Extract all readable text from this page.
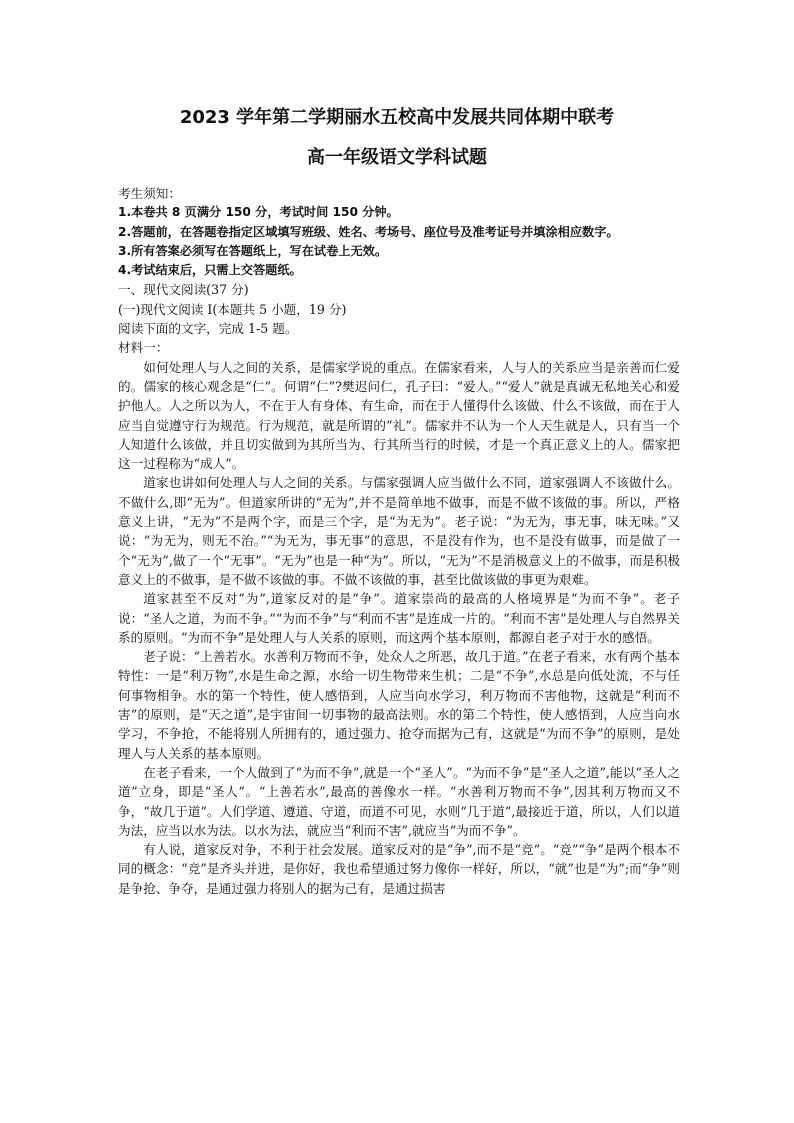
2023 学年第二学期丽水五校高中发展共同体期中联考
高一年级语文学科试题

考生须知：

1.本卷共 8 页满分 150 分，考试时间 150 分钟。

2.答题前，在答题卷指定区域填写班级、姓名、考场号、座位号及准考证号并填涂相应数字。

3.所有答案必须写在答题纸上，写在试卷上无效。

4.考试结束后，只需上交答题纸。

一、现代文阅读(37 分)

(一)现代文阅读 I(本题共 5 小题，19 分)

阅读下面的文字，完成 1-5 题。

材料一：

如何处理人与人之间的关系，是儒家学说的重点。在儒家看来，人与人的关系应当是亲善而仁爱的。儒家的核心观念是“仁”。何谓“仁”?樊迟问仁，孔子曰：“爱人。”“爱人”就是真诚无私地关心和爱护他人。人之所以为人，不在于人有身体、有生命，而在于人懂得什么该做、什么不该做，而在于人应当自觉遵守行为规范。行为规范，就是所谓的“礼”。儒家并不认为一个人天生就是人，只有当一个人知道什么该做，并且切实做到为其所当为、行其所当行的时候，才是一个真正意义上的人。儒家把这一过程称为“成人”。

道家也讲如何处理人与人之间的关系。与儒家强调人应当做什么不同，道家强调人不该做什么。不做什么,即“无为”。但道家所讲的“无为”,并不是简单地不做事，而是不做不该做的事。所以，严格意义上讲，“无为”不是两个字，而是三个字，是“为无为”。老子说：“为无为，事无事，味无味。”又说：“为无为，则无不治。”“为无为，事无事”的意思，不是没有作为，也不是没有做事，而是做了一个“无为”,做了一个“无事”。“无为”也是一种“为”。所以，“无为”不是消极意义上的不做事，而是积极意义上的不做事，是不做不该做的事。不做不该做的事，甚至比做该做的事更为艰难。

道家甚至不反对“为”,道家反对的是“争”。道家崇尚的最高的人格境界是“为而不争”。老子说：“圣人之道，为而不争。”“为而不争”与“利而不害”是连成一片的。“利而不害”是处理人与自然界关系的原则。“为而不争”是处理人与人关系的原则，而这两个基本原则，都源自老子对于水的感悟。

老子说：“上善若水。水善利万物而不争，处众人之所恶，故几于道。”在老子看来，水有两个基本特性：一是“利万物”,水是生命之源，水给一切生物带来生机；二是“不争”,水总是向低处流，不与任何事物相争。水的第一个特性，使人感悟到，人应当向水学习，利万物而不害他物，这就是“利而不害”的原则，是“天之道”,是宇宙间一切事物的最高法则。水的第二个特性，使人感悟到，人应当向水学习，不争抢，不能将别人所拥有的，通过强力、抢夺而据为己有，这就是“为而不争”的原则，是处理人与人关系的基本原则。

在老子看来，一个人做到了“为而不争”,就是一个“圣人”。“为而不争”是“圣人之道”,能以“圣人之道”立身，即是“圣人”。“上善若水”,最高的善像水一样。“水善利万物而不争”,因其利万物而又不争，“故几于道”。人们学道、遵道、守道，而道不可见，水则“几于道”,最接近于道，所以，人们以道为法，应当以水为法。以水为法，就应当“利而不害”,就应当“为而不争”。

有人说，道家反对争，不利于社会发展。道家反对的是“争”,而不是“竞”。“竞”“争”是两个根本不同的概念：“竞”是齐头并进，是你好，我也希望通过努力像你一样好，所以，“就”也是“为”;而“争”则是争抢、争夺，是通过强力将别人的据为己有，是通过损害
